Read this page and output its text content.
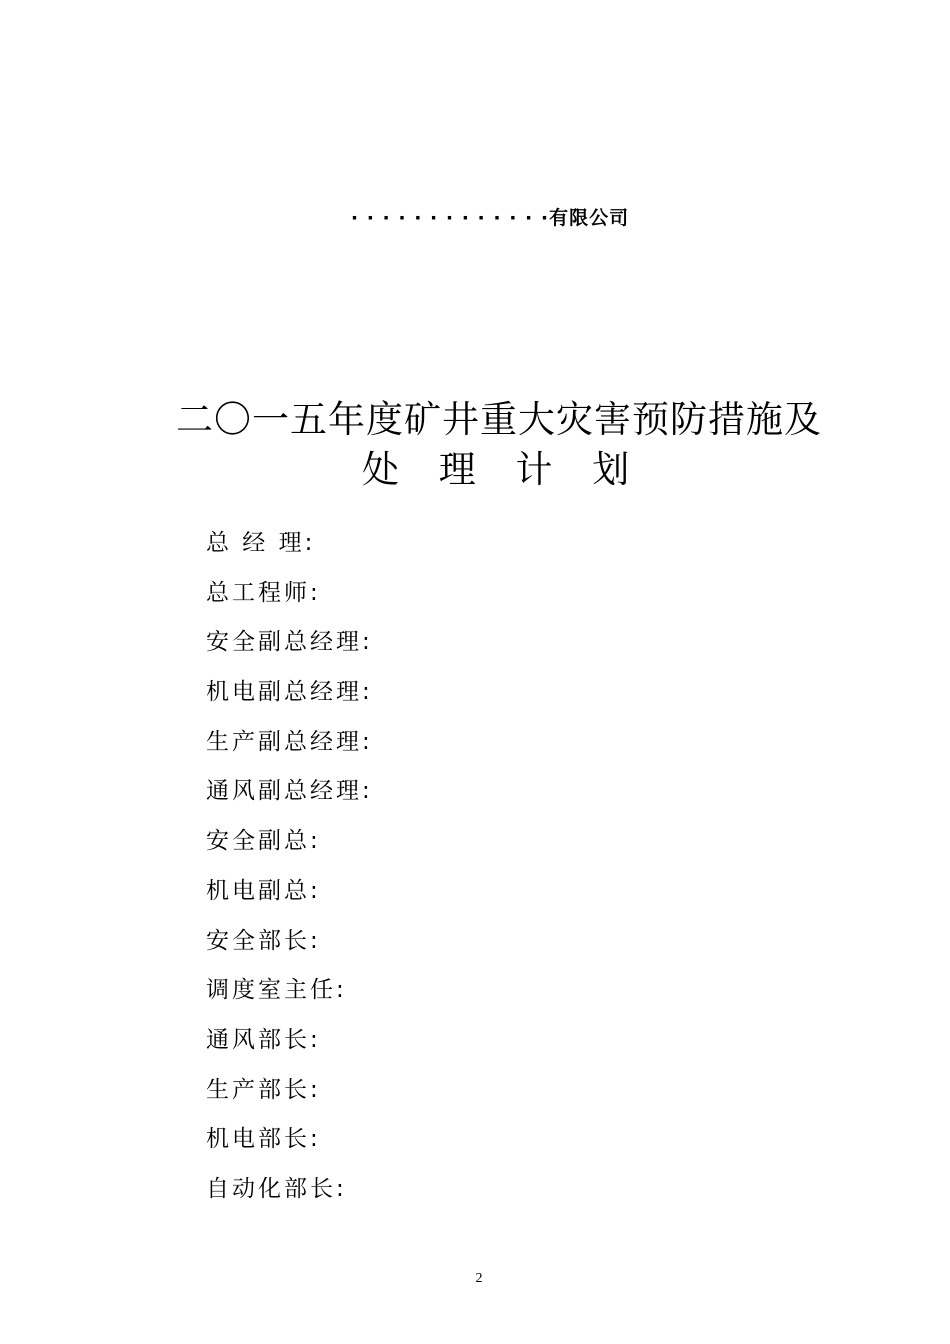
· · · · · · · · · · · · ·有限公司
二〇一五年度矿井重大灾害预防措施及
处 理 计 划
总 经 理:
总工程师:
安全副总经理:
机电副总经理:
生产副总经理:
通风副总经理:
安全副总:
机电副总:
安全部长:
调度室主任:
通风部长:
生产部长:
机电部长:
自动化部长:
2
